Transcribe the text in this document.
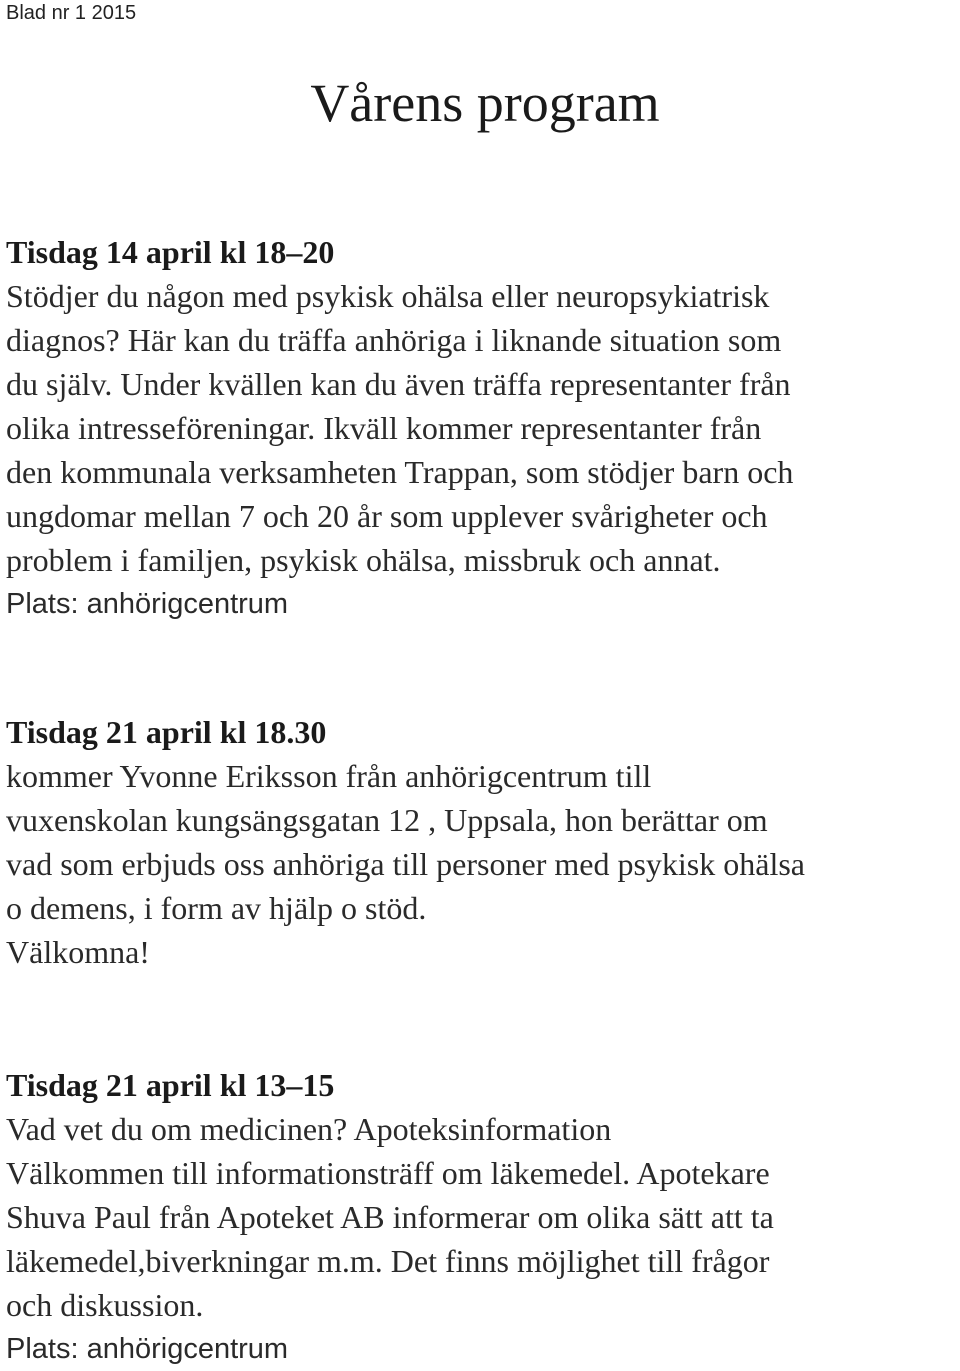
Blad nr 1 2015
Vårens program
Tisdag 14 april kl 18–20
Stödjer du någon med psykisk ohälsa eller neuropsykiatrisk
diagnos? Här kan du träffa anhöriga i liknande situation som
du själv. Under kvällen kan du även träffa representanter från
olika intresseföreningar. Ikväll kommer representanter från
den kommunala verksamheten Trappan, som stödjer barn och
ungdomar mellan 7 och 20 år som upplever svårigheter och
problem i familjen, psykisk ohälsa, missbruk och annat.
Plats: anhörigcentrum
Tisdag 21 april kl 18.30
kommer Yvonne Eriksson från anhörigcentrum till
vuxenskolan kungsängsgatan 12 , Uppsala, hon berättar om
vad som erbjuds oss anhöriga till personer med psykisk ohälsa
o demens, i form av hjälp o stöd.
Välkomna!
Tisdag 21 april kl 13–15
Vad vet du om medicinen? Apoteksinformation
Välkommen till informationsträff om läkemedel. Apotekare
Shuva Paul från Apoteket AB informerar om olika sätt att ta
läkemedel,biverkningar m.m. Det finns möjlighet till frågor
och diskussion.
Plats: anhörigcentrum
